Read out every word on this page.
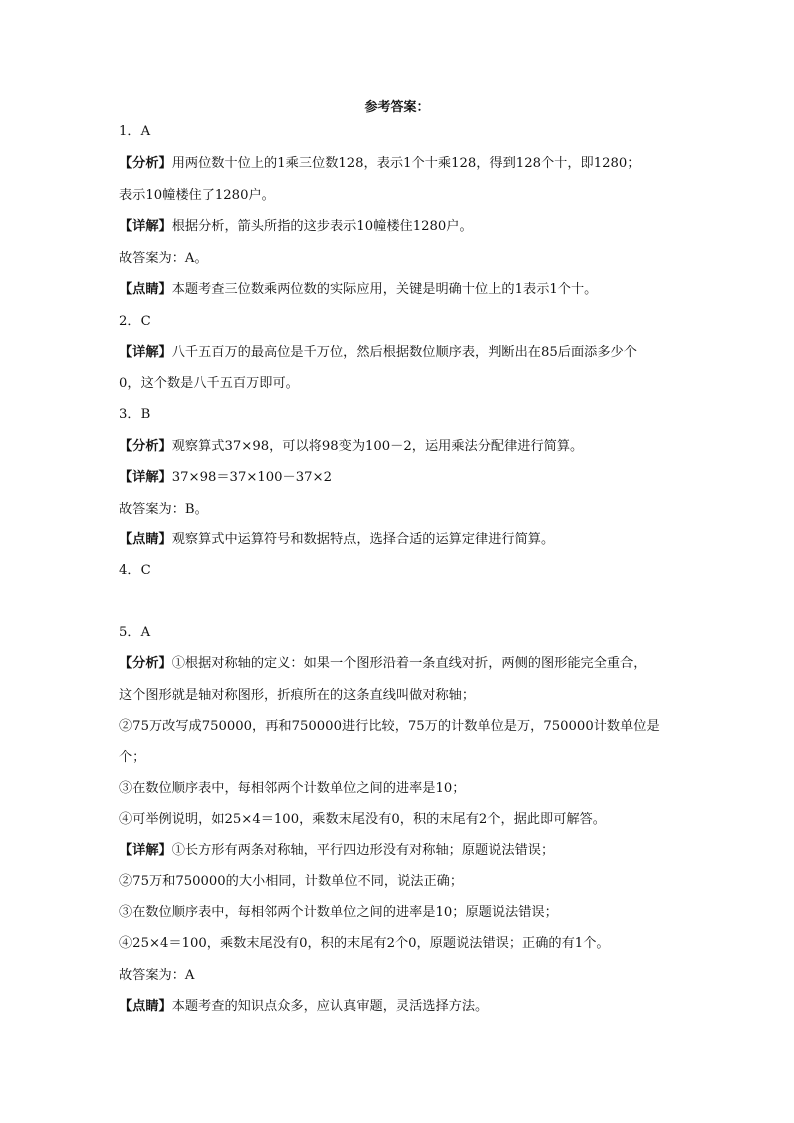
参考答案：
1．A
【分析】用两位数十位上的1乘三位数128，表示1个十乘128，得到128个十，即1280；
表示10幢楼住了1280户。
【详解】根据分析，箭头所指的这步表示10幢楼住1280户。
故答案为：A。
【点睛】本题考查三位数乘两位数的实际应用，关键是明确十位上的1表示1个十。
2．C
【详解】八千五百万的最高位是千万位，然后根据数位顺序表，判断出在85后面添多少个
0，这个数是八千五百万即可。
3．B
【分析】观察算式37×98，可以将98变为100－2，运用乘法分配律进行简算。
【详解】37×98＝37×100－37×2
故答案为：B。
【点睛】观察算式中运算符号和数据特点，选择合适的运算定律进行简算。
4．C
5．A
【分析】①根据对称轴的定义：如果一个图形沿着一条直线对折，两侧的图形能完全重合，
这个图形就是轴对称图形，折痕所在的这条直线叫做对称轴；
②75万改写成750000，再和750000进行比较，75万的计数单位是万，750000计数单位是
个；
③在数位顺序表中，每相邻两个计数单位之间的进率是10；
④可举例说明，如25×4＝100，乘数末尾没有0，积的末尾有2个，据此即可解答。
【详解】①长方形有两条对称轴，平行四边形没有对称轴；原题说法错误；
②75万和750000的大小相同，计数单位不同，说法正确；
③在数位顺序表中，每相邻两个计数单位之间的进率是10；原题说法错误；
④25×4＝100，乘数末尾没有0，积的末尾有2个0，原题说法错误；正确的有1个。
故答案为：A
【点睛】本题考查的知识点众多，应认真审题，灵活选择方法。
